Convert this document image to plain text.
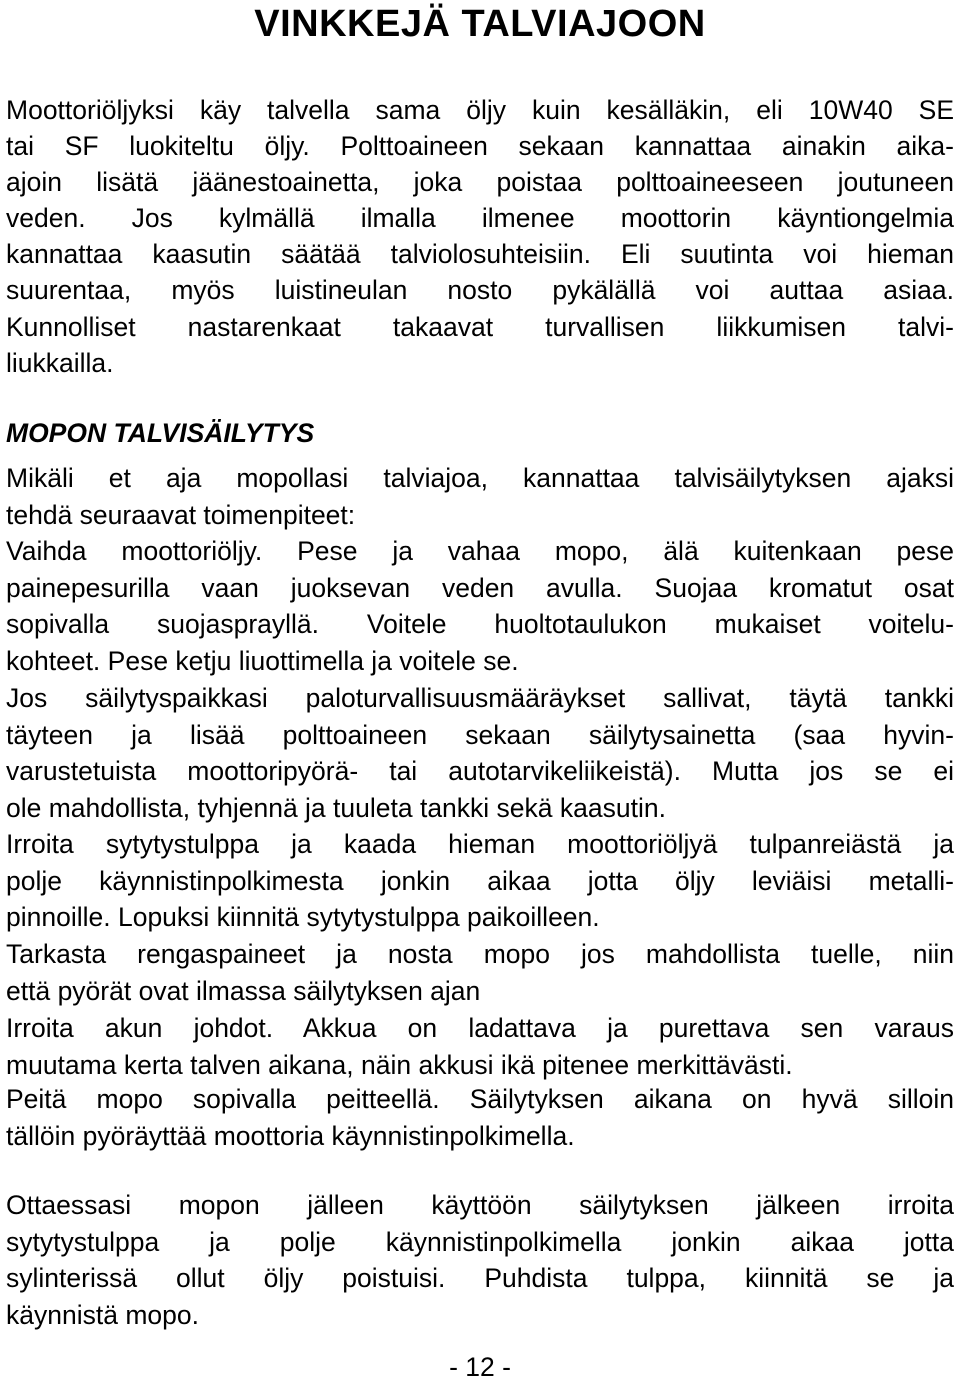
VINKKEJÄ TALVIAJOON
Moottoriöljyksi käy talvella sama öljy kuin kesälläkin, eli 10W40 SE
tai SF luokiteltu öljy. Polttoaineen sekaan kannattaa ainakin aika-
ajoin lisätä jäänestoainetta, joka poistaa polttoaineeseen joutuneen
veden. Jos kylmällä ilmalla ilmenee moottorin käyntiongelmia
kannattaa kaasutin säätää talviolosuhteisiin. Eli suutinta voi hieman
suurentaa, myös luistineulan nosto pykälällä voi auttaa asiaa.
Kunnolliset nastarenkaat takaavat turvallisen liikkumisen talvi-
liukkailla.
MOPON TALVISÄILYTYS
Mikäli et aja mopollasi talviajoa, kannattaa talvisäilytyksen ajaksi
tehdä seuraavat toimenpiteet:
Vaihda moottoriöljy. Pese ja vahaa mopo, älä kuitenkaan pese
painepesurilla vaan juoksevan veden avulla. Suojaa kromatut osat
sopivalla suojasprayllä. Voitele huoltotaulukon mukaiset voitelu-
kohteet. Pese ketju liuottimella ja voitele se.
Jos säilytyspaikkasi paloturvallisuusmääräykset sallivat, täytä tankki
täyteen ja lisää polttoaineen sekaan säilytysainetta (saa hyvin-
varustetuista moottoripyörä- tai autotarvikeliikeistä). Mutta jos se ei
ole mahdollista, tyhjennä ja tuuleta tankki sekä kaasutin.
Irroita sytytystulppa ja kaada hieman moottoriöljyä tulpanreiästä ja
polje käynnistinpolkimesta jonkin aikaa jotta öljy leviäisi metalli-
pinnoille. Lopuksi kiinnitä sytytystulppa paikoilleen.
Tarkasta rengaspaineet ja nosta mopo jos mahdollista tuelle, niin
että pyörät ovat ilmassa säilytyksen ajan
Irroita akun johdot. Akkua on ladattava ja purettava sen varaus
muutama kerta talven aikana, näin akkusi ikä pitenee merkittävästi.
Peitä mopo sopivalla peitteellä. Säilytyksen aikana on hyvä silloin
tällöin pyöräyttää moottoria käynnistinpolkimella.
Ottaessasi mopon jälleen käyttöön säilytyksen jälkeen irroita
sytytystulppa ja polje käynnistinpolkimella jonkin aikaa jotta
sylinterissä ollut öljy poistuisi. Puhdista tulppa, kiinnitä se ja
käynnistä mopo.

- 12 -
